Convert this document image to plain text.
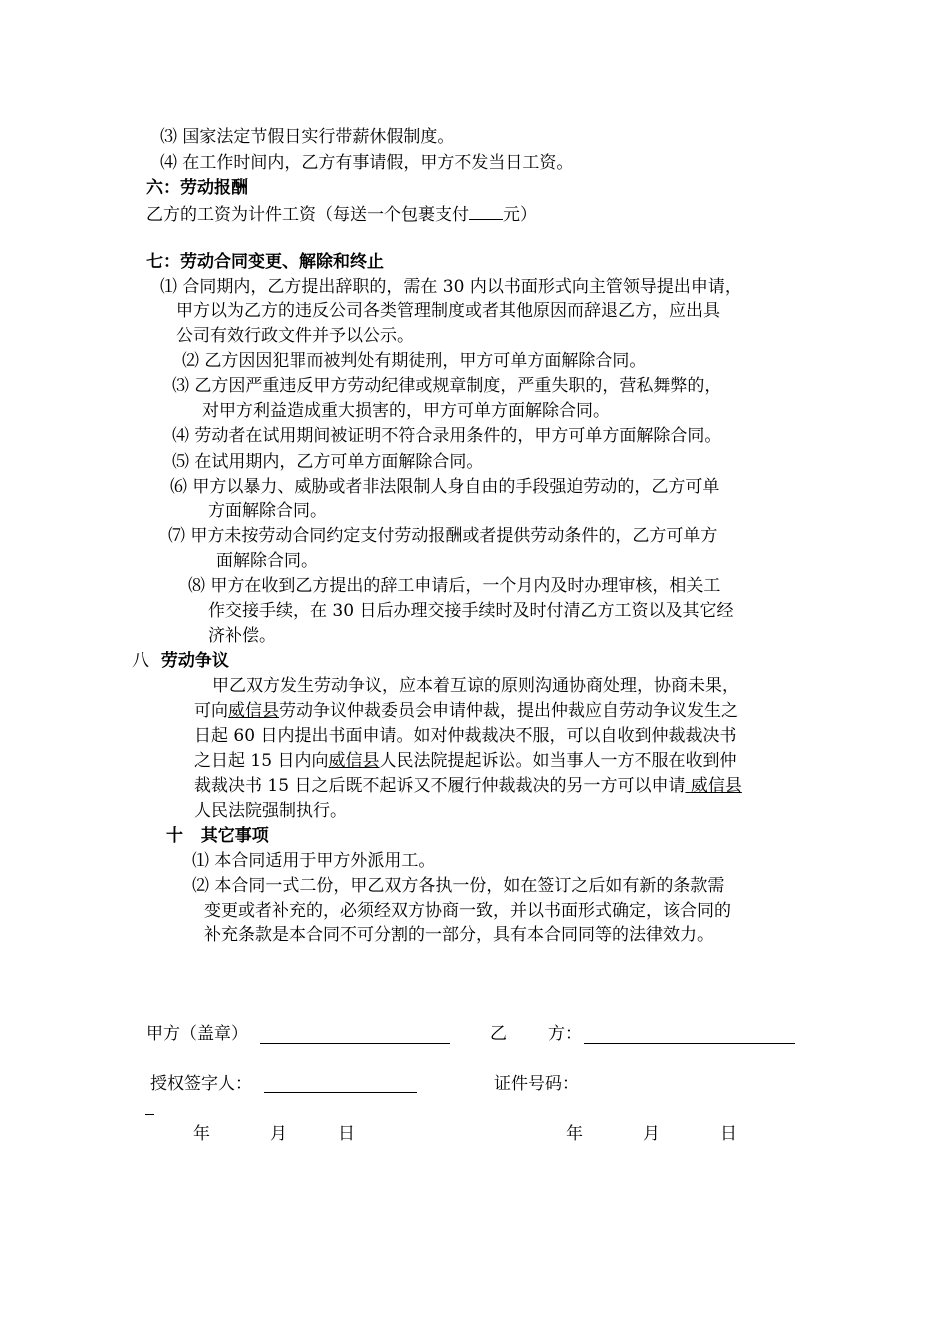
⑶ 国家法定节假日实行带薪休假制度。
⑷ 在工作时间内，乙方有事请假，甲方不发当日工资。
六：劳动报酬
乙方的工资为计件工资（每送一个包裹支付 元）
七：劳动合同变更、解除和终止
⑴ 合同期内，乙方提出辞职的，需在 30 内以书面形式向主管领导提出申请，
甲方以为乙方的违反公司各类管理制度或者其他原因而辞退乙方，应出具
公司有效行政文件并予以公示。
⑵ 乙方因因犯罪而被判处有期徒刑，甲方可单方面解除合同。
⑶ 乙方因严重违反甲方劳动纪律或规章制度，严重失职的，营私舞弊的，
对甲方利益造成重大损害的，甲方可单方面解除合同。
⑷ 劳动者在试用期间被证明不符合录用条件的，甲方可单方面解除合同。
⑸ 在试用期内，乙方可单方面解除合同。
⑹ 甲方以暴力、威胁或者非法限制人身自由的手段强迫劳动的，乙方可单
方面解除合同。
⑺ 甲方未按劳动合同约定支付劳动报酬或者提供劳动条件的，乙方可单方
面解除合同。
⑻ 甲方在收到乙方提出的辞工申请后，一个月内及时办理审核，相关工
作交接手续，在 30 日后办理交接手续时及时付清乙方工资以及其它经
济补偿。
八 劳动争议
甲乙双方发生劳动争议，应本着互谅的原则沟通协商处理，协商未果，
可向威信县劳动争议仲裁委员会申请仲裁，提出仲裁应自劳动争议发生之
日起 60 日内提出书面申请。如对仲裁裁决不服，可以自收到仲裁裁决书
之日起 15 日内向威信县人民法院提起诉讼。如当事人一方不服在收到仲
裁裁决书 15 日之后既不起诉又不履行仲裁裁决的另一方可以申请 威信县
人民法院强制执行。
十 其它事项
⑴ 本合同适用于甲方外派用工。
⑵ 本合同一式二份，甲乙双方各执一份，如在签订之后如有新的条款需
变更或者补充的，必须经双方协商一致，并以书面形式确定，该合同的
补充条款是本合同不可分割的一部分，具有本合同同等的法律效力。
甲方（盖章）	乙 方：
授权签字人：	证件号码：
年	月	日	年	月	日
